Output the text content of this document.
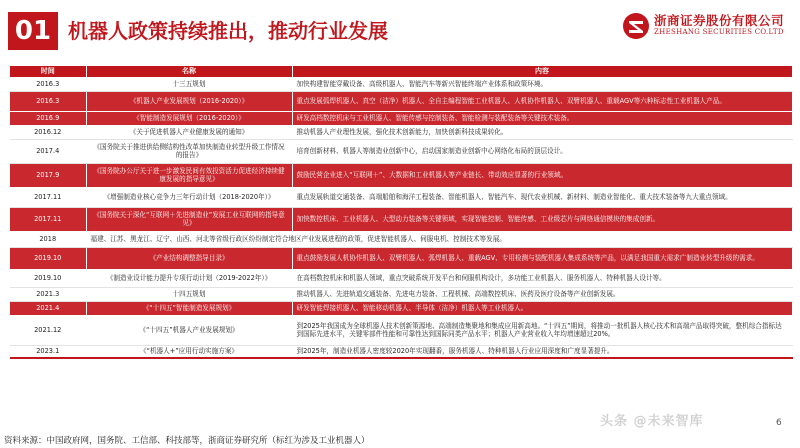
01 机器人政策持续推出，推动行业发展	浙商证券股份有限公司
ZHESHANG SECURITIES CO.LTD
时间	名称	内容
2016.3	十三五规划	加快构建智能穿戴设备、高级机器人、智能汽车等新兴智能终端产业体系和政策环境。
2016.3	《机器人产业发展规划（2016-2020）》	重点发展弧焊机器人、真空（洁净）机器人、全自主编程智能工业机器人、人机协作机器人、双臂机器人、重载AGV等六种标志性工业机器人产品。
2016.9	《智能制造发展规划（2016-2020）》	研发高档数控机床与工业机器人、智能传感与控制装备、智能检测与装配装备等关键技术装备。
2016.12	《关于促进机器人产业健康发展的通知》	推动机器人产业理性发展，强化技术创新能力，加快创新科技成果转化。
2017.4	《国务院关于推进供给侧结构性改革加快制造业转型升级工作情况的报告》	培育创新材料、机器人等制造业创新中心，启动国家制造业创新中心网络化布局的顶层设计。
2017.9	《国务院办公厅关于进一步激发民间有效投资活力促进经济持续健康发展的指导意见》	鼓励民营企业进入“互联网＋”、大数据和工业机器人等产业链长、带动效应显著的行业领域。
2017.11	《增强制造业核心竞争力三年行动计划（2018-2020年）》	重点发展轨道交通装备、高端船舶和海洋工程装备、智能机器人、智能汽车、现代农业机械、新材料、制造业智能化、重大技术装备等九大重点领域。
2017.11	《国务院关于深化“互联网＋先进制造业”发展工业互联网的指导意见》	加快数控机床、工业机器人、大型动力装备等关键领域，实现智能控制、智能传感、工业级芯片与网络通信模块的集成创新。
2018	福建、江苏、黑龙江、辽宁、山西、河北等省级行政区纷纷制定符合地区产业发展进程的政策，促进智能机器人、伺服电机、控制技术等发展。	
2019.10	《产业结构调整指导目录》	重点鼓励发展人机协作机器人、双臂机器人、弧焊机器人、重载AGV、专用检测与装配机器人集成系统等产品，以满足我国重大需求广制造业转型升级的需求。
2019.10	《制造业设计能力提升专项行动计划（2019-2022年）》	在高档数控机床和机器人领域，重点突破系统开发平台和伺服机构设计，多功能工业机器人、服务机器人、特种机器人设计等。
2021.3	十四五规划	推动机器人、先进轨道交通装备、先进电力装备、工程机械、高端数控机床、医药及医疗设备等产业创新发展。
2021.4	《“十四五”智能制造发展规划》	研发智能焊接机器人、智能移动机器人、半导体（洁净）机器人等工业机器人。
2021.12	《“十四五”机器人产业发展规划》	到2025年我国成为全球机器人技术创新策源地、高端制造集聚地和集成应用新高地。“十四五”期间，将推动一批机器人核心技术和高端产品取得突破，整机综合指标达到国际先进水平，关键零部件性能和可靠性达到国际同类产品水平；机器人产业营业收入年均增速超过20%。
2023.1	《“机器人+”应用行动实施方案》	到2025年，制造业机器人密度较2020年实现翻番，服务机器人、特种机器人行业应用深度和广度显著提升。
头条 @未来智库	6
资料来源：中国政府网，国务院、工信部、科技部等，浙商证券研究所（标红为涉及工业机器人）
